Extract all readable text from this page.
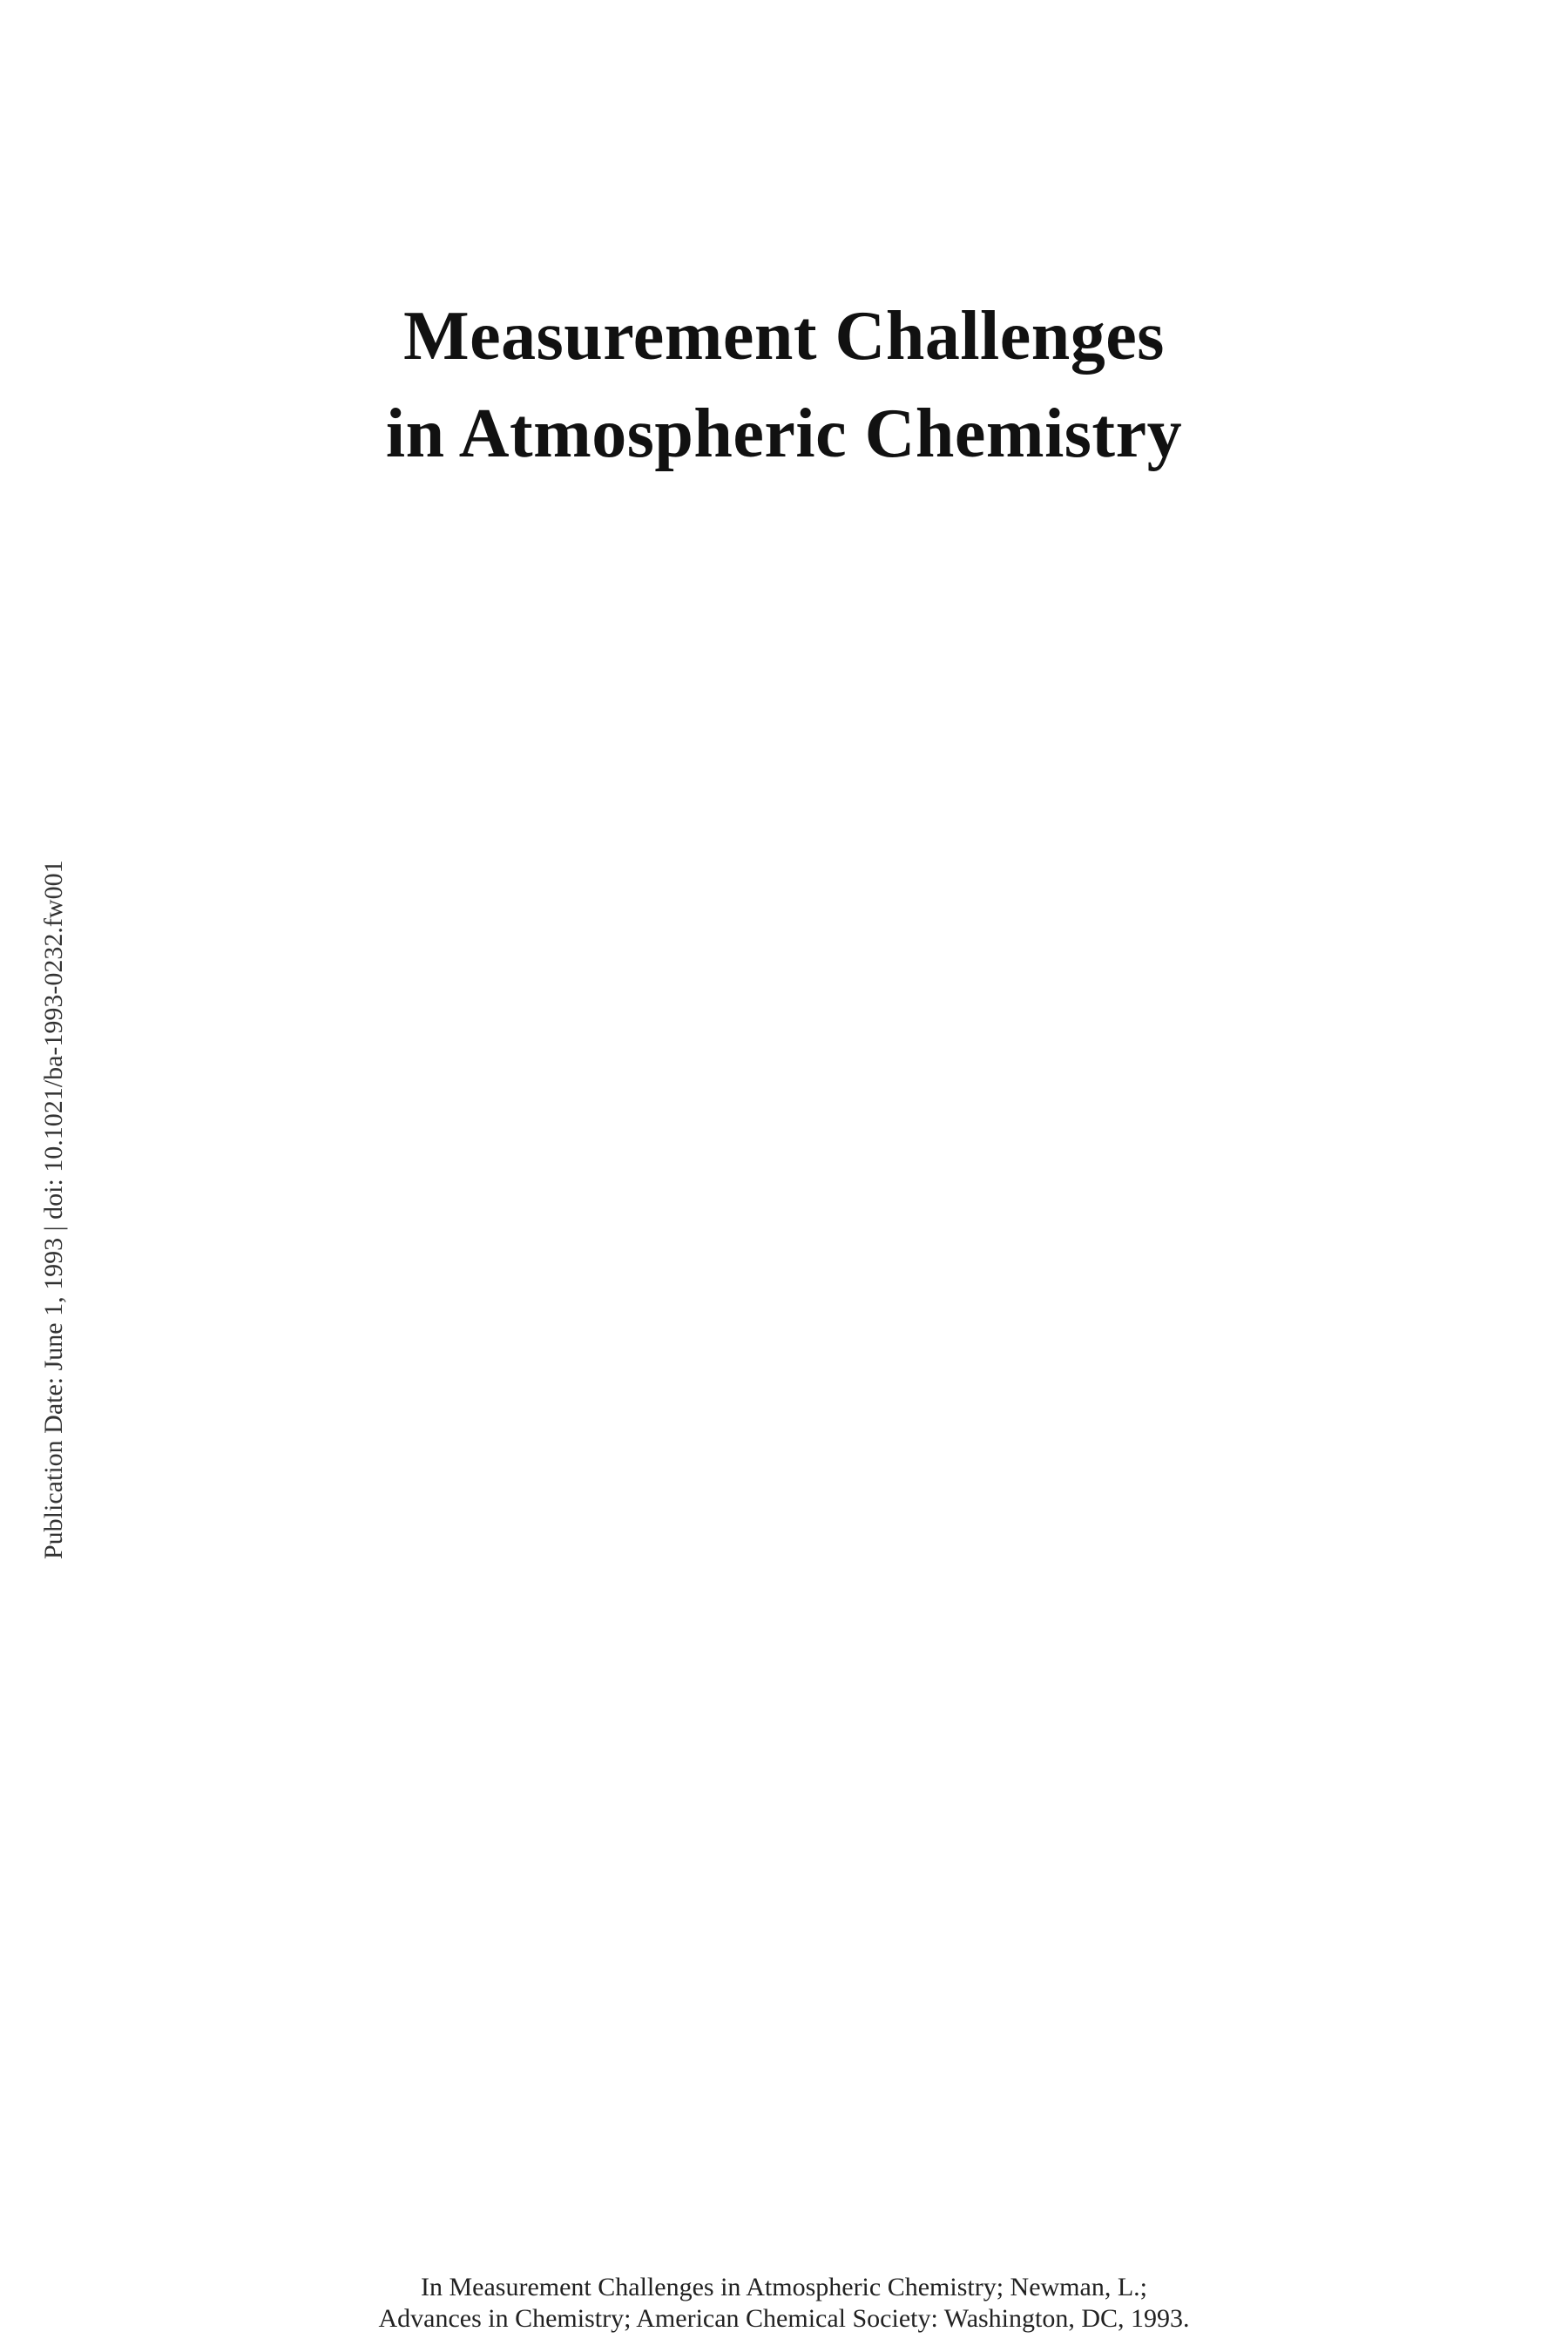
Measurement Challenges
in Atmospheric Chemistry
Publication Date: June 1, 1993 | doi: 10.1021/ba-1993-0232.fw001
In Measurement Challenges in Atmospheric Chemistry; Newman, L.;
Advances in Chemistry; American Chemical Society: Washington, DC, 1993.
